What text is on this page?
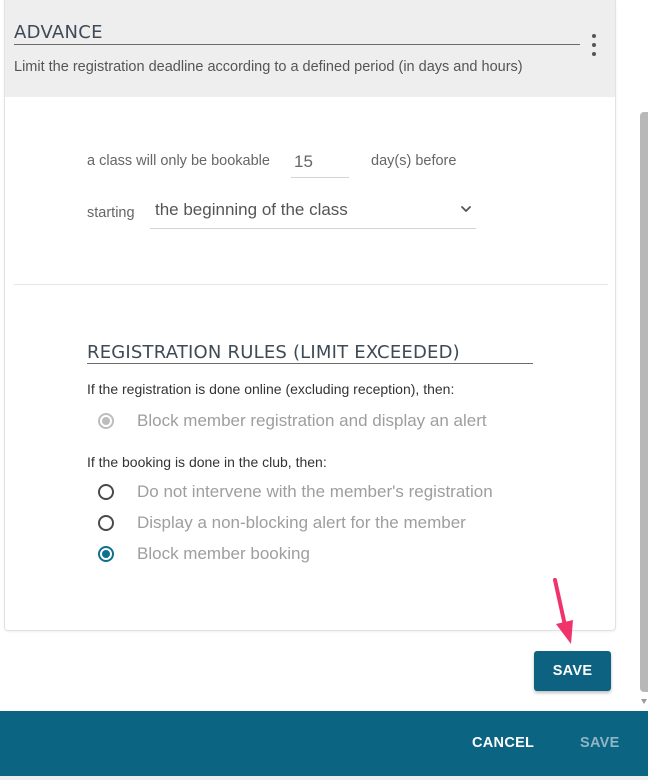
ADVANCE
Limit the registration deadline according to a defined period (in days and hours)
a class will only be bookable
15	day(s) before
starting the beginning of the class
REGISTRATION RULES (LIMIT EXCEEDED)
If the registration is done online (excluding reception), then:
Block member registration and display an alert
If the booking is done in the club, then:
Do not intervene with the member's registration
Display a non-blocking alert for the member
Block member booking
SAVE
CANCEL	SAVE
